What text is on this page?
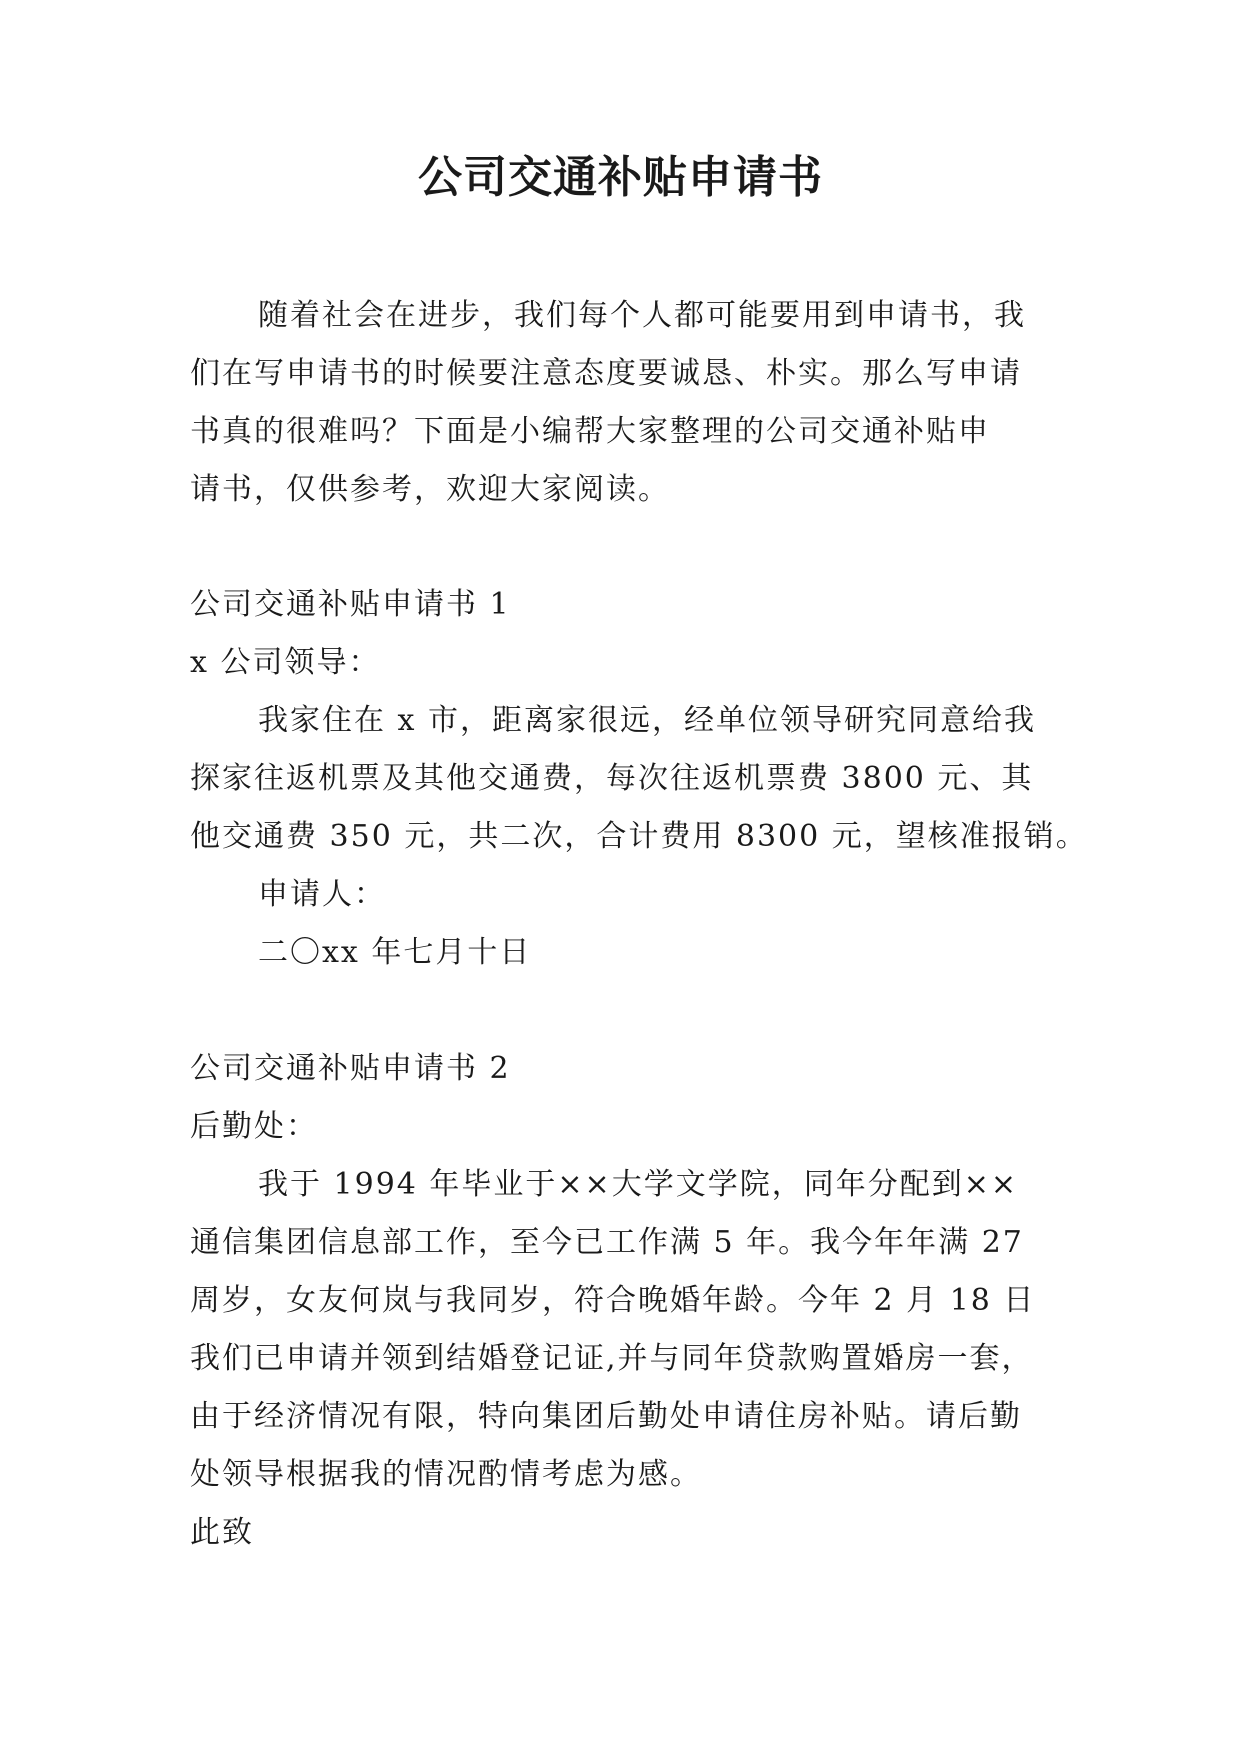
公司交通补贴申请书
随着社会在进步，我们每个人都可能要用到申请书，我
们在写申请书的时候要注意态度要诚恳、朴实。那么写申请
书真的很难吗？下面是小编帮大家整理的公司交通补贴申
请书，仅供参考，欢迎大家阅读。
公司交通补贴申请书 1
x 公司领导：
我家住在 x 市，距离家很远，经单位领导研究同意给我
探家往返机票及其他交通费，每次往返机票费 3800 元、其
他交通费 350 元，共二次，合计费用 8300 元，望核准报销。
申请人：
二〇xx 年七月十日
公司交通补贴申请书 2
后勤处：
我于 1994 年毕业于××大学文学院，同年分配到××
通信集团信息部工作，至今已工作满 5 年。我今年年满 27
周岁，女友何岚与我同岁，符合晚婚年龄。今年 2 月 18 日
我们已申请并领到结婚登记证,并与同年贷款购置婚房一套，
由于经济情况有限，特向集团后勤处申请住房补贴。请后勤
处领导根据我的情况酌情考虑为感。
此致
